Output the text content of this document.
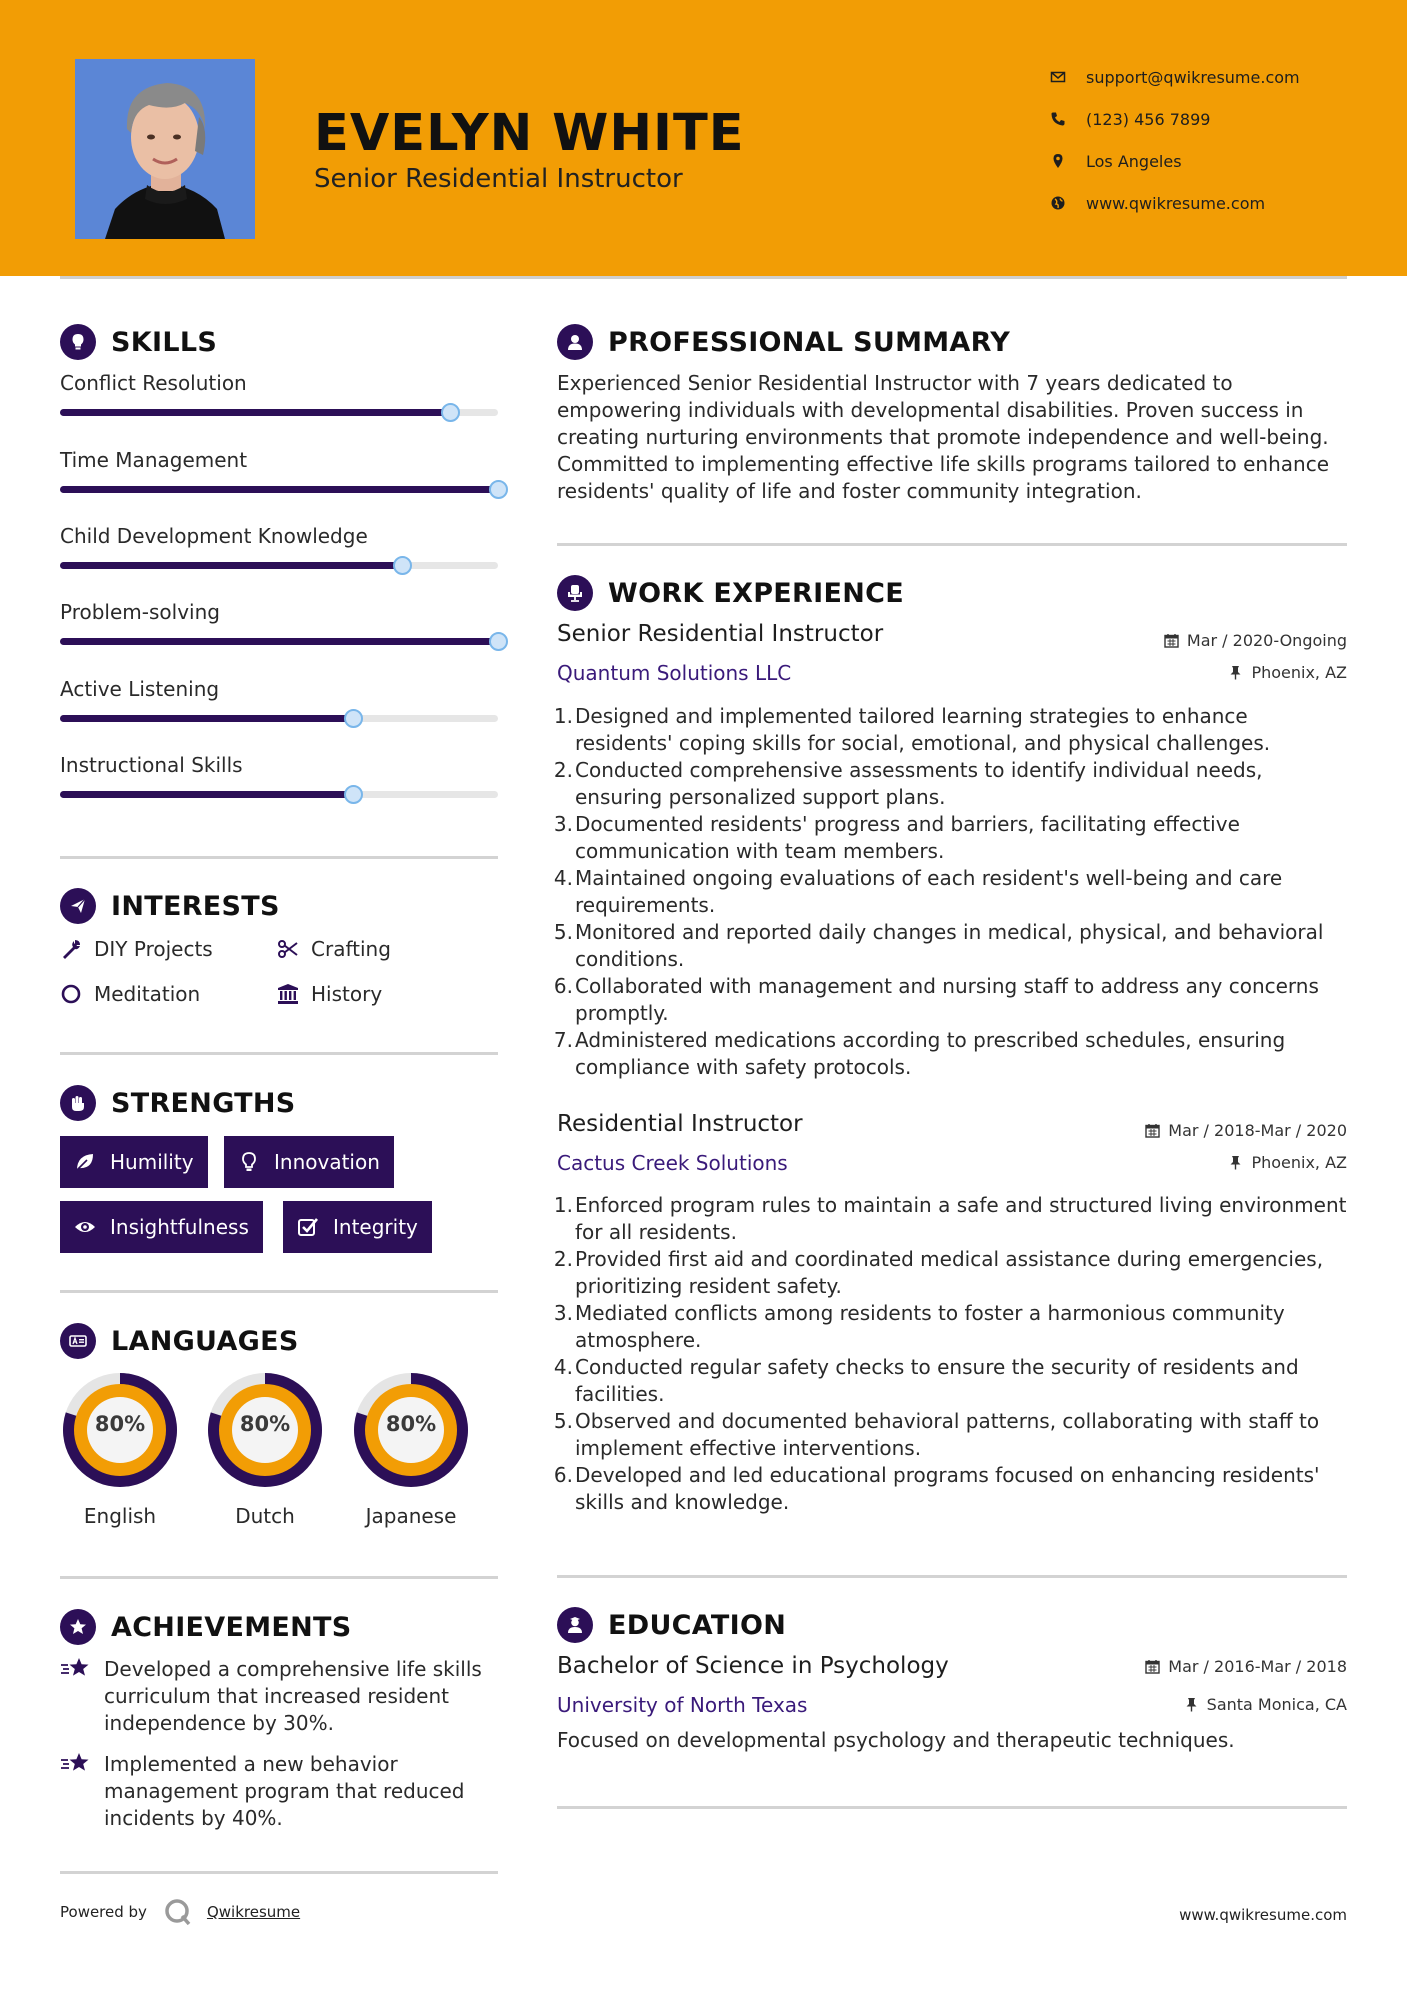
EVELYN WHITE
Senior Residential Instructor
support@qwikresume.com
(123) 456 7899
Los Angeles
www.qwikresume.com
SKILLS
Conflict Resolution
Time Management
Child Development Knowledge
Problem-solving
Active Listening
Instructional Skills
INTERESTS
DIY Projects	Crafting
Meditation	History
STRENGTHS
Humility	Innovation
Insightfulness	Integrity
LANGUAGES
80%
English
80%
Dutch
80%
Japanese
ACHIEVEMENTS
Developed a comprehensive life skills curriculum that increased resident independence by 30%.
Implemented a new behavior management program that reduced incidents by 40%.
PROFESSIONAL SUMMARY
Experienced Senior Residential Instructor with 7 years dedicated to empowering individuals with developmental disabilities. Proven success in creating nurturing environments that promote independence and well-being. Committed to implementing effective life skills programs tailored to enhance residents' quality of life and foster community integration.
WORK EXPERIENCE
Senior Residential Instructor	Mar / 2020-Ongoing
Quantum Solutions LLC	Phoenix, AZ
1. Designed and implemented tailored learning strategies to enhance residents' coping skills for social, emotional, and physical challenges.
2. Conducted comprehensive assessments to identify individual needs, ensuring personalized support plans.
3. Documented residents' progress and barriers, facilitating effective communication with team members.
4. Maintained ongoing evaluations of each resident's well-being and care requirements.
5. Monitored and reported daily changes in medical, physical, and behavioral conditions.
6. Collaborated with management and nursing staff to address any concerns promptly.
7. Administered medications according to prescribed schedules, ensuring compliance with safety protocols.
Residential Instructor	Mar / 2018-Mar / 2020
Cactus Creek Solutions	Phoenix, AZ
1. Enforced program rules to maintain a safe and structured living environment for all residents.
2. Provided first aid and coordinated medical assistance during emergencies, prioritizing resident safety.
3. Mediated conflicts among residents to foster a harmonious community atmosphere.
4. Conducted regular safety checks to ensure the security of residents and facilities.
5. Observed and documented behavioral patterns, collaborating with staff to implement effective interventions.
6. Developed and led educational programs focused on enhancing residents' skills and knowledge.
EDUCATION
Bachelor of Science in Psychology	Mar / 2016-Mar / 2018
University of North Texas	Santa Monica, CA
Focused on developmental psychology and therapeutic techniques.
Powered by	Qwikresume	www.qwikresume.com
